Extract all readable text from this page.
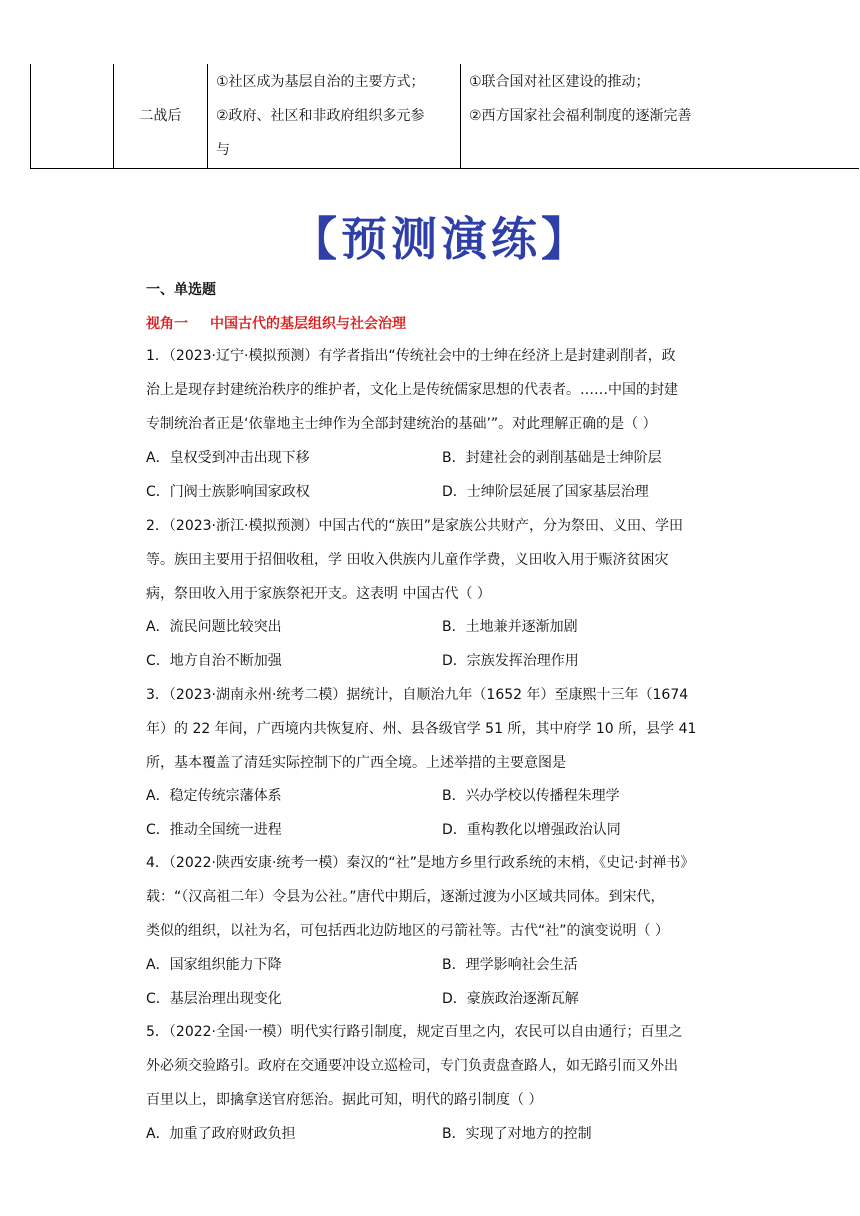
	二战后	
①社区成为基层自治的主要方式；
②政府、社区和非政府组织多元参
与

①联合国对社区建设的推动；
②西方国家社会福利制度的逐渐完善

【预测演练】
一、单选题
视角一 中国古代的基层组织与社会治理

1．（2023·辽宁·模拟预测）有学者指出“传统社会中的士绅在经济上是封建剥削者，政

治上是现存封建统治秩序的维护者，文化上是传统儒家思想的代表者。……中国的封建

专制统治者正是‘依靠地主士绅作为全部封建统治的基础’”。对此理解正确的是（ ）

A．皇权受到冲击出现下移	B．封建社会的剥削基础是士绅阶层
C．门阀士族影响国家政权	D．士绅阶层延展了国家基层治理

2．（2023·浙江·模拟预测）中国古代的“族田”是家族公共财产，分为祭田、义田、学田

等。族田主要用于招佃收租，学 田收入供族内儿童作学费，义田收入用于赈济贫困灾

病，祭田收入用于家族祭祀开支。这表明 中国古代（ ）

A．流民问题比较突出	B．土地兼并逐渐加剧
C．地方自治不断加强	D．宗族发挥治理作用

3．（2023·湖南永州·统考二模）据统计，自顺治九年（1652 年）至康熙十三年（1674

年）的 22 年间，广西境内共恢复府、州、县各级官学 51 所，其中府学 10 所，县学 41

所，基本覆盖了清廷实际控制下的广西全境。上述举措的主要意图是

A．稳定传统宗藩体系	B．兴办学校以传播程朱理学
C．推动全国统一进程	D．重构教化以增强政治认同

4．（2022·陕西安康·统考一模）秦汉的“社”是地方乡里行政系统的末梢，《史记·封禅书》

载：“（汉高祖二年）令县为公社。”唐代中期后，逐渐过渡为小区域共同体。到宋代，

类似的组织，以社为名，可包括西北边防地区的弓箭社等。古代“社”的演变说明（ ）

A．国家组织能力下降	B．理学影响社会生活
C．基层治理出现变化	D．豪族政治逐渐瓦解

5．（2022·全国·一模）明代实行路引制度，规定百里之内，农民可以自由通行；百里之

外必须交验路引。政府在交通要冲设立巡检司，专门负责盘查路人，如无路引而又外出

百里以上，即擒拿送官府惩治。据此可知，明代的路引制度（ ）

A．加重了政府财政负担	B．实现了对地方的控制
